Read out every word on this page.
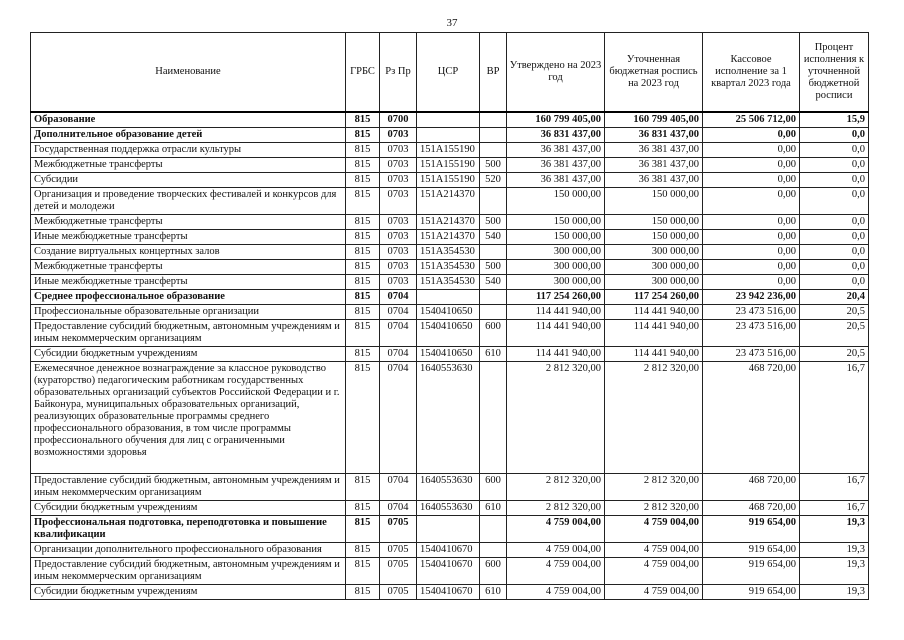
37
Наименование	ГРБС	Рз Пр	ЦСР	ВР	Утверждено на 2023 год	Уточненная бюджетная роспись на 2023 год	Кассовое исполнение за 1 квартал 2023 года	Процент исполнения к уточненной бюджетной росписи
Образование	815	0700			160 799 405,00	160 799 405,00	25 506 712,00	15,9
Дополнительное образование детей	815	0703			36 831 437,00	36 831 437,00	0,00	0,0
Государственная поддержка отрасли культуры	815	0703	151A155190		36 381 437,00	36 381 437,00	0,00	0,0
Межбюджетные трансферты	815	0703	151A155190	500	36 381 437,00	36 381 437,00	0,00	0,0
Субсидии	815	0703	151A155190	520	36 381 437,00	36 381 437,00	0,00	0,0
Организация и проведение творческих фестивалей и конкурсов для детей и молодежи	815	0703	151A214370		150 000,00	150 000,00	0,00	0,0
Межбюджетные трансферты	815	0703	151A214370	500	150 000,00	150 000,00	0,00	0,0
Иные межбюджетные трансферты	815	0703	151A214370	540	150 000,00	150 000,00	0,00	0,0
Создание виртуальных концертных залов	815	0703	151A354530		300 000,00	300 000,00	0,00	0,0
Межбюджетные трансферты	815	0703	151A354530	500	300 000,00	300 000,00	0,00	0,0
Иные межбюджетные трансферты	815	0703	151A354530	540	300 000,00	300 000,00	0,00	0,0
Среднее профессиональное образование	815	0704			117 254 260,00	117 254 260,00	23 942 236,00	20,4
Профессиональные образовательные организации	815	0704	1540410650		114 441 940,00	114 441 940,00	23 473 516,00	20,5
Предоставление субсидий бюджетным, автономным учреждениям и иным некоммерческим организациям	815	0704	1540410650	600	114 441 940,00	114 441 940,00	23 473 516,00	20,5
Субсидии бюджетным учреждениям	815	0704	1540410650	610	114 441 940,00	114 441 940,00	23 473 516,00	20,5
Ежемесячное денежное вознаграждение за классное руководство (кураторство) педагогическим работникам государственных образовательных организаций субъектов Российской Федерации и г. Байконура, муниципальных образовательных организаций, реализующих образовательные программы среднего профессионального образования, в том числе программы профессионального обучения для лиц с ограниченными возможностями здоровья	815	0704	1640553630		2 812 320,00	2 812 320,00	468 720,00	16,7
Предоставление субсидий бюджетным, автономным учреждениям и иным некоммерческим организациям	815	0704	1640553630	600	2 812 320,00	2 812 320,00	468 720,00	16,7
Субсидии бюджетным учреждениям	815	0704	1640553630	610	2 812 320,00	2 812 320,00	468 720,00	16,7
Профессиональная подготовка, переподготовка и повышение квалификации	815	0705			4 759 004,00	4 759 004,00	919 654,00	19,3
Организации дополнительного профессионального образования	815	0705	1540410670		4 759 004,00	4 759 004,00	919 654,00	19,3
Предоставление субсидий бюджетным, автономным учреждениям и иным некоммерческим организациям	815	0705	1540410670	600	4 759 004,00	4 759 004,00	919 654,00	19,3
Субсидии бюджетным учреждениям	815	0705	1540410670	610	4 759 004,00	4 759 004,00	919 654,00	19,3
